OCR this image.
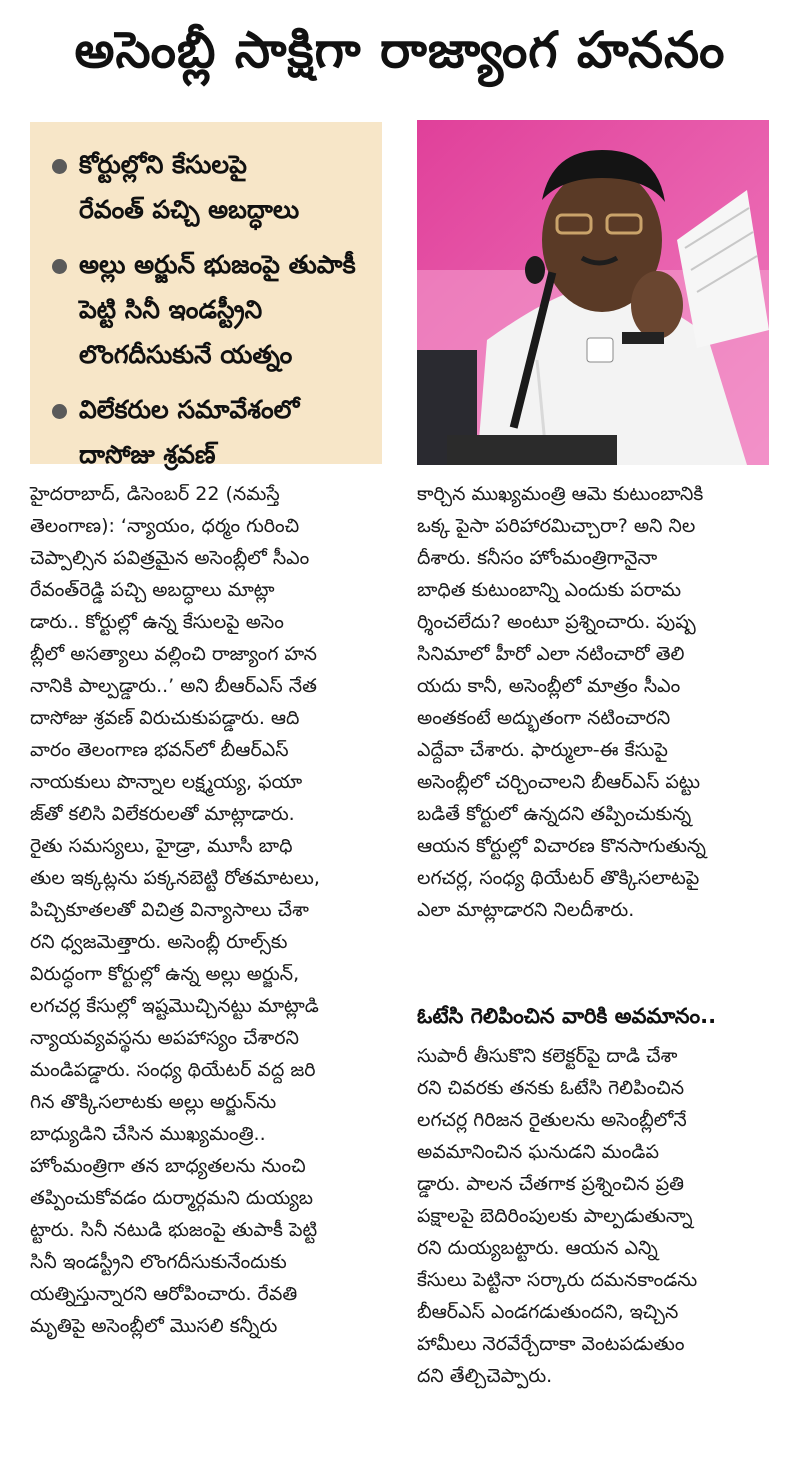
అసెంబ్లీ సాక్షిగా రాజ్యాంగ హననం
కోర్టుల్లోని కేసులపై
రేవంత్ పచ్చి అబద్ధాలు
అల్లు అర్జున్ భుజంపై తుపాకీ
పెట్టి సినీ ఇండస్ట్రీని
లొంగదీసుకునే యత్నం
విలేకరుల సమావేశంలో
దాసోజు శ్రవణ్

హైదరాబాద్, డిసెంబర్ 22 (నమస్తే
తెలంగాణ): ‘న్యాయం, ధర్మం గురించి
చెప్పాల్సిన పవిత్రమైన అసెంబ్లీలో సీఎం
రేవంత్‌రెడ్డి పచ్చి అబద్ధాలు మాట్లా
డారు.. కోర్టుల్లో ఉన్న కేసులపై అసెం
బ్లీలో అసత్యాలు వల్లించి రాజ్యాంగ హన
నానికి పాల్పడ్డారు..’ అని బీఆర్‌ఎస్ నేత
దాసోజు శ్రవణ్ విరుచుకుపడ్డారు. ఆది
వారం తెలంగాణ భవన్‌లో బీఆర్‌ఎస్
నాయకులు పొన్నాల లక్ష్మయ్య, ఫయా
జ్‌తో కలిసి విలేకరులతో మాట్లాడారు.
రైతు సమస్యలు, హైడ్రా, మూసీ బాధి
తుల ఇక్కట్లను పక్కనబెట్టి రోతమాటలు,
పిచ్చికూతలతో విచిత్ర విన్యాసాలు చేశా
రని ధ్వజమెత్తారు. అసెంబ్లీ రూల్స్‌కు
విరుద్ధంగా కోర్టుల్లో ఉన్న అల్లు అర్జున్,
లగచర్ల కేసుల్లో ఇష్టమొచ్చినట్టు మాట్లాడి
న్యాయవ్యవస్థను అపహాస్యం చేశారని
మండిపడ్డారు. సంధ్య థియేటర్ వద్ద జరి
గిన తొక్కిసలాటకు అల్లు అర్జున్‌ను
బాధ్యుడిని చేసిన ముఖ్యమంత్రి..
హోంమంత్రిగా తన బాధ్యతలను నుంచి
తప్పించుకోవడం దుర్మార్గమని దుయ్యబ
ట్టారు. సినీ నటుడి భుజంపై తుపాకీ పెట్టి
సినీ ఇండస్ట్రీని లొంగదీసుకునేందుకు
యత్నిస్తున్నారని ఆరోపించారు. రేవతి
మృతిపై అసెంబ్లీలో మొసలి కన్నీరు

కార్చిన ముఖ్యమంత్రి ఆమె కుటుంబానికి
ఒక్క పైసా పరిహారమిచ్చారా? అని నిల
దీశారు. కనీసం హోంమంత్రిగానైనా
బాధిత కుటుంబాన్ని ఎందుకు పరామ
ర్శించలేదు? అంటూ ప్రశ్నించారు. పుష్ప
సినిమాలో హీరో ఎలా నటించారో తెలి
యదు కానీ, అసెంబ్లీలో మాత్రం సీఎం
అంతకంటే అద్భుతంగా నటించారని
ఎద్దేవా చేశారు. ఫార్ములా-ఈ కేసుపై
అసెంబ్లీలో చర్చించాలని బీఆర్‌ఎస్ పట్టు
బడితే కోర్టులో ఉన్నదని తప్పించుకున్న
ఆయన కోర్టుల్లో విచారణ కొనసాగుతున్న
లగచర్ల, సంధ్య థియేటర్ తొక్కిసలాటపై
ఎలా మాట్లాడారని నిలదీశారు.

ఓటేసి గెలిపించిన వారికి అవమానం..

సుపారీ తీసుకొని కలెక్టర్‌పై దాడి చేశా
రని చివరకు తనకు ఓటేసి గెలిపించిన
లగచర్ల గిరిజన రైతులను అసెంబ్లీలోనే
అవమానించిన ఘనుడని మండిప
డ్డారు. పాలన చేతగాక ప్రశ్నించిన ప్రతి
పక్షాలపై బెదిరింపులకు పాల్పడుతున్నా
రని దుయ్యబట్టారు. ఆయన ఎన్ని
కేసులు పెట్టినా సర్కారు దమనకాండను
బీఆర్‌ఎస్ ఎండగడుతుందని, ఇచ్చిన
హామీలు నెరవేర్చేదాకా వెంటపడుతుం
దని తేల్చిచెప్పారు.
